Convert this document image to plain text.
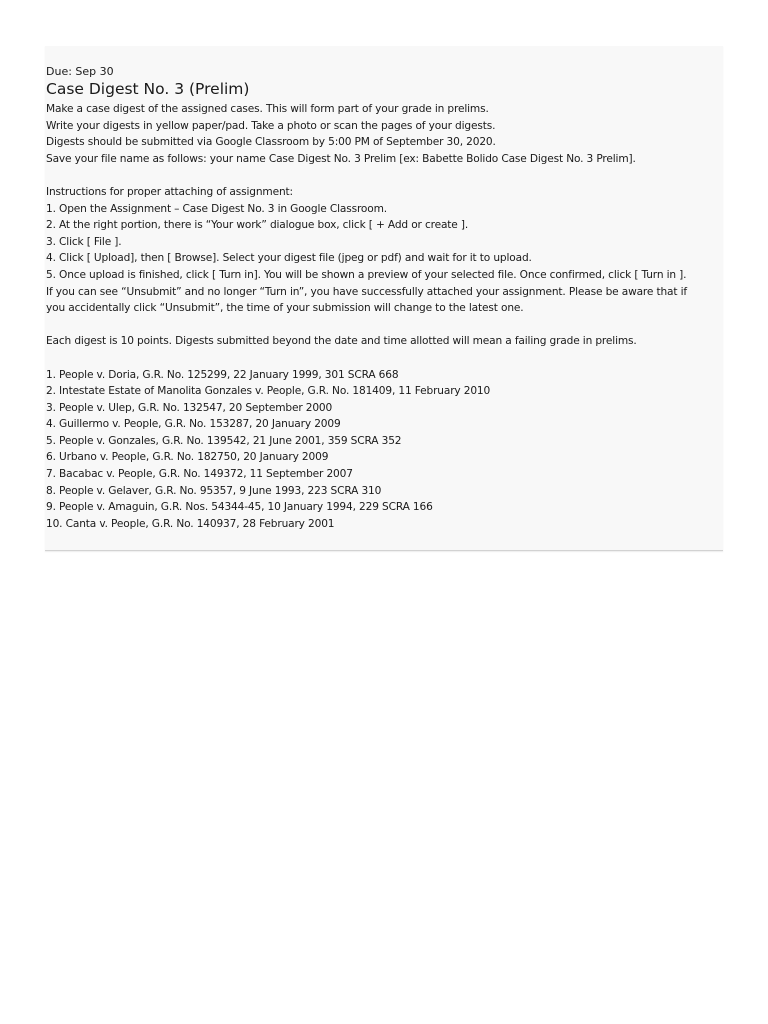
Due: Sep 30

Case Digest No. 3 (Prelim)

Make a case digest of the assigned cases. This will form part of your grade in prelims.

Write your digests in yellow paper/pad. Take a photo or scan the pages of your digests.

Digests should be submitted via Google Classroom by 5:00 PM of September 30, 2020.

Save your file name as follows: your name Case Digest No. 3 Prelim [ex: Babette Bolido Case Digest No. 3 Prelim].

Instructions for proper attaching of assignment:

1. Open the Assignment – Case Digest No. 3 in Google Classroom.

2. At the right portion, there is “Your work” dialogue box, click [ + Add or create ].

3. Click [ File ].

4. Click [ Upload], then [ Browse]. Select your digest file (jpeg or pdf) and wait for it to upload.

5. Once upload is finished, click [ Turn in]. You will be shown a preview of your selected file. Once confirmed, click [ Turn in ].

If you can see “Unsubmit” and no longer “Turn in”, you have successfully attached your assignment. Please be aware that if

you accidentally click “Unsubmit”, the time of your submission will change to the latest one.

Each digest is 10 points. Digests submitted beyond the date and time allotted will mean a failing grade in prelims.

1. People v. Doria, G.R. No. 125299, 22 January 1999, 301 SCRA 668

2. Intestate Estate of Manolita Gonzales v. People, G.R. No. 181409, 11 February 2010

3. People v. Ulep, G.R. No. 132547, 20 September 2000

4. Guillermo v. People, G.R. No. 153287, 20 January 2009

5. People v. Gonzales, G.R. No. 139542, 21 June 2001, 359 SCRA 352

6. Urbano v. People, G.R. No. 182750, 20 January 2009

7. Bacabac v. People, G.R. No. 149372, 11 September 2007

8. People v. Gelaver, G.R. No. 95357, 9 June 1993, 223 SCRA 310

9. People v. Amaguin, G.R. Nos. 54344-45, 10 January 1994, 229 SCRA 166

10. Canta v. People, G.R. No. 140937, 28 February 2001
